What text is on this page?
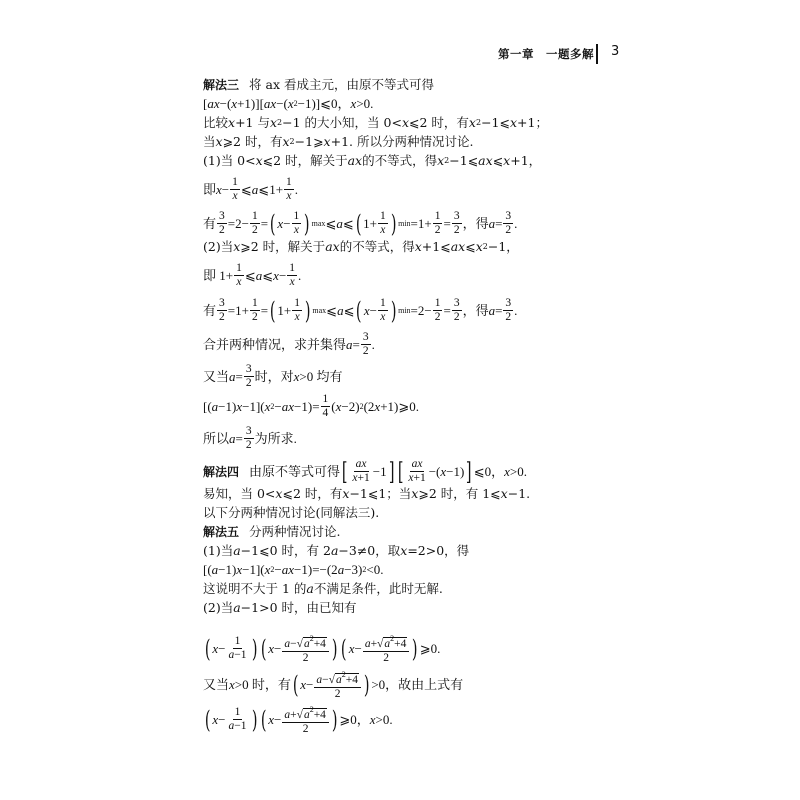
第一章　一题多解 3
解法三 将 ax 看成主元，由原不等式可得
[ ax −( x +1)][ ax −( x 2 −1)]⩽0， x >0.
比较 x +1 与 x 2 −1 的大小知，当 0< x ⩽2 时，有 x 2 −1⩽ x +1；
当 x ⩾2 时，有 x 2 −1⩾ x +1. 所以分两种情况讨论.
(1)当 0< x ⩽2 时，解关于 ax 的不等式，得 x 2 −1⩽ ax ⩽ x +1，
即 $x - \frac{1}{x}$ ⩽ a ⩽1+ $\frac{1}{x}$ .
有 $\frac{3}{2} =2- \frac{1}{2}$ = ( $x - \frac{1}{x}$ ) max ⩽ a ⩽ ( $1+ \frac{1}{x}$ ) $\min =1+ \frac{1}{2} = \frac{3}{2}$ ，得 $a = \frac{3}{2}$ .
(2)当 x ⩾2 时，解关于 ax 的不等式，得 x +1⩽ ax ⩽ x 2 −1，
即 $1+ \frac{1}{x}$ ⩽ a ⩽ $x - \frac{1}{x}$ .
有 $\frac{3}{2} =1+ \frac{1}{2}$ = ( $1+ \frac{1}{x}$ ) max ⩽ a ⩽ ( $x - \frac{1}{x}$ ) $\min =2- \frac{1}{2} = \frac{3}{2}$ ，得 $a = \frac{3}{2}$ .
合并两种情况，求并集得 $a = \frac{3}{2}$ .
又当 $a = \frac{3}{2}$ 时，对 x >0 均有
[( a −1) x −1]( x 2 − ax $-1)= \frac{1}{4}$ ( x −2) 2 (2 x +1)⩾0.
所以 $a = \frac{3}{2}$ 为所求.
解法四 由原不等式可得 [ $\frac{ax}{x+1} -1$ ] [ $\frac{ax}{x+1}$ −( x −1) ] ⩽0， x >0.
易知，当 0< x ⩽2 时，有 x −1⩽1；当 x ⩾2 时，有 1⩽ x −1.
以下分两种情况讨论(同解法三).
解法五 分两种情况讨论.
(1)当 a −1⩽0 时，有 2 a −3≠0，取 x =2>0，得
[( a −1) x −1]( x 2 − ax −1)=−(2 a −3) 2 <0.
这说明不大于 1 的 a 不满足条件，此时无解.
(2)当 a −1>0 时，由已知有
( $x - \frac{1}{a-1}$ ) ( $x - \frac{a-√a^2+4}{2}$ ) ( $x - \frac{a+√a^2+4}{2}$ ) ⩾0.
又当 x >0 时，有 ( $x - \frac{a-√a^2+4}{2}$ ) >0，故由上式有
( $x - \frac{1}{a-1}$ ) ( $x - \frac{a+√a^2+4}{2}$ ) ⩾0， x >0.
